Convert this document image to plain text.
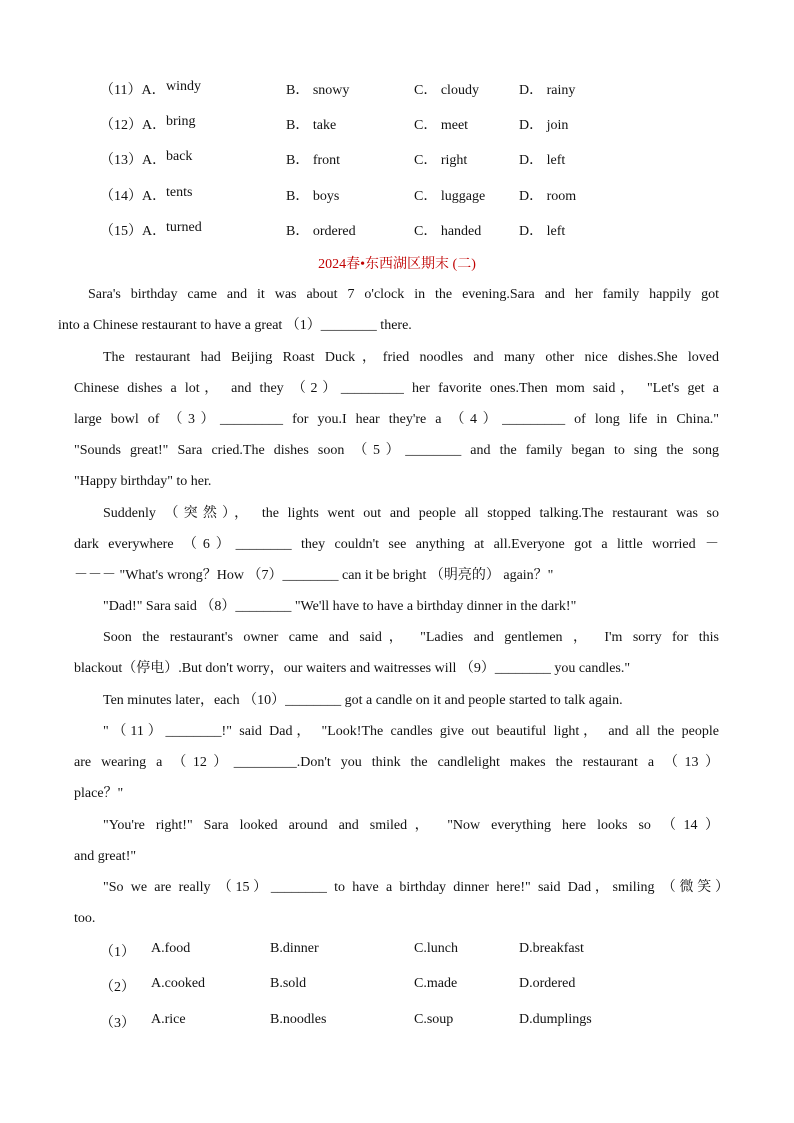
（11）A． windy	B． snowy	C． cloudy	D． rainy
（12）A． bring	B． take	C． meet	D． join
（13）A． back	B． front	C． right	D． left
（14）A． tents	B． boys	C． luggage D． room
（15）A． turned	B． ordered	C． handed	D． left
2024春•东西湖区期末 (二)
Sara's birthday came and it was about 7 o'clock in the evening.Sara and her family happily got
into a Chinese restaurant to have a great （1）________ there.
The restaurant had Beijing Roast Duck，fried noodles and many other nice dishes.She loved
Chinese dishes a lot， and they （2）_________ her favorite ones.Then mom said， "Let's get a
large bowl of （3）_________ for you.I hear they're a （4）_________ of long life in China."
"Sounds great!" Sara cried.The dishes soon （5）________ and the family began to sing the song
"Happy birthday" to her.
Suddenly （突然）， the lights went out and people all stopped talking.The restaurant was so
dark everywhere （6）________ they couldn't see anything at all.Everyone got a little worried －
－－－ "What's wrong？How （7）________ can it be bright （明亮的） again？"
"Dad!" Sara said （8）________ "We'll have to have a birthday dinner in the dark!"
Soon the restaurant's owner came and said， "Ladies and gentlemen ， I'm sorry for this
blackout（停电）.But don't worry，our waiters and waitresses will （9）________ you candles."
Ten minutes later，each （10）________ got a candle on it and people started to talk again.
"（11）________!" said Dad， "Look!The candles give out beautiful light， and all the people
are wearing a （12）_________.Don't you think the candlelight makes the restaurant a （13）
place？"
"You're right!" Sara looked around and smiled， "Now everything here looks so （14）
and great!"
"So we are really （15）________ to have a birthday dinner here!" said Dad，smiling （微笑）
too.
（1） A.food	B.dinner	C.lunch	D.breakfast
（2） A.cooked	B.sold	C.made	D.ordered
（3） A.rice	B.noodles	C.soup	D.dumplings
